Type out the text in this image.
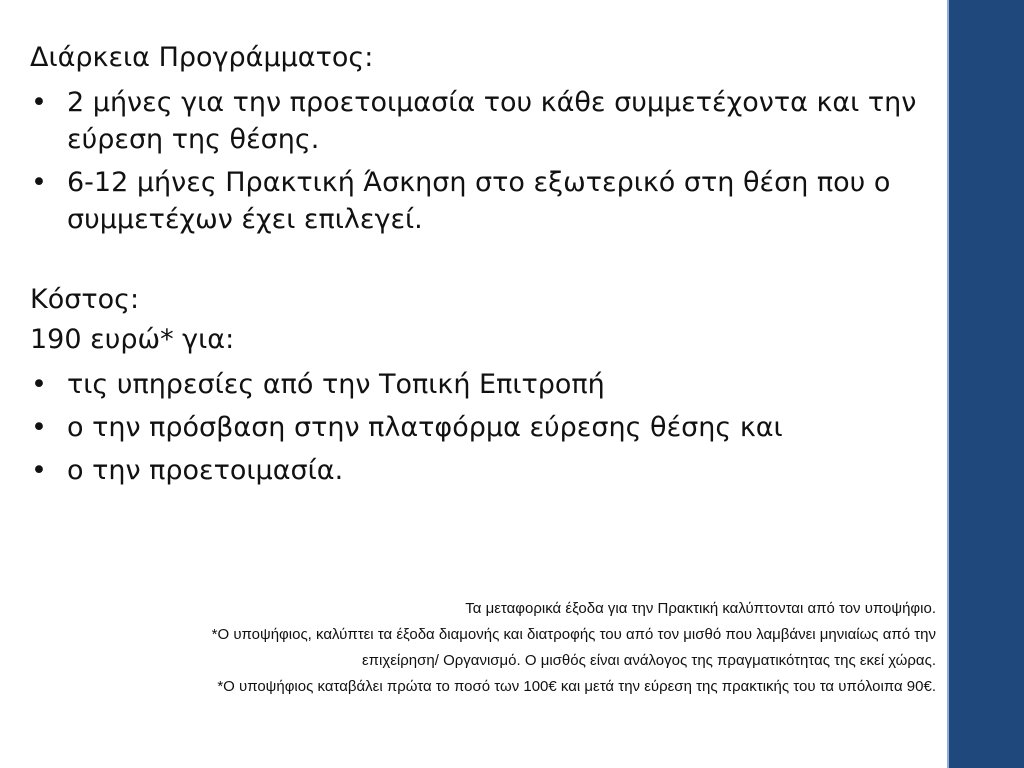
Διάρκεια Προγράμματος:
• 2 μήνες για την προετοιμασία του κάθε συμμετέχοντα και την εύρεση της θέσης.
• 6-12 μήνες Πρακτική Άσκηση στο εξωτερικό στη θέση που ο συμμετέχων έχει επιλεγεί.
Κόστος:
190 ευρώ* για:
• τις υπηρεσίες από την Τοπική Επιτροπή
• ο την πρόσβαση στην πλατφόρμα εύρεσης θέσης και
• ο την προετοιμασία.

Τα μεταφορικά έξοδα για την Πρακτική καλύπτονται από τον υποψήφιο.

*Ο υποψήφιος, καλύπτει τα έξοδα διαμονής και διατροφής του από τον μισθό που λαμβάνει μηνιαίως από την επιχείρηση/ Οργανισμό. Ο μισθός είναι ανάλογος της πραγματικότητας της εκεί χώρας.

*Ο υποψήφιος καταβάλει πρώτα το ποσό των 100€ και μετά την εύρεση της πρακτικής του τα υπόλοιπα 90€.
